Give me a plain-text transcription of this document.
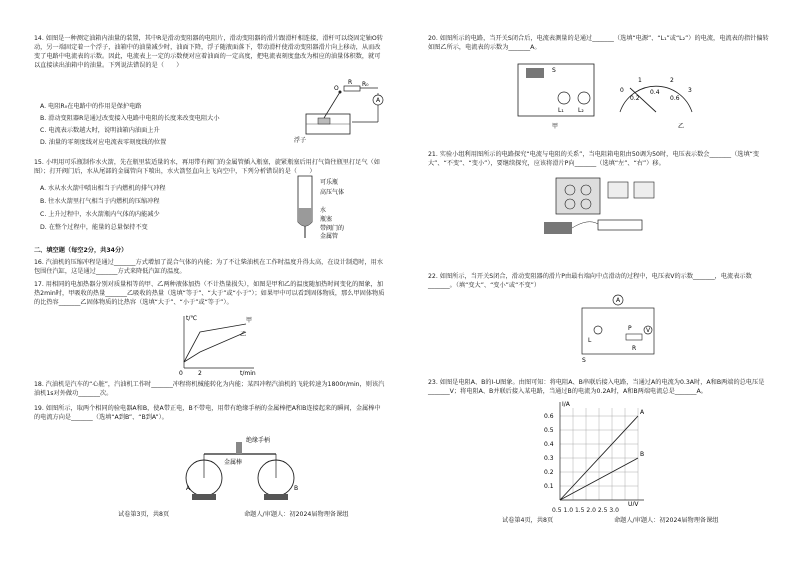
14. 如图是一种测定油箱内油量的装置，其中R是滑动变阻器的电阻片，滑动变阻器的滑片跟滑杆相连接，滑杆可以绕固定轴O转动，另一端固定着一个浮子，油箱中的油量减少时，油面下降，浮子随液面落下，带动滑杆使滑动变阻器滑片向上移动，从而改变了电路中电流表的示数。因此，电流表上一定的示数便对应着油面的一定高度，把电流表刻度盘改为相应的油量体积数，就可以直接读出油箱中的油量。下列说法错误的是（　　）

A. 电阻R₀在电路中的作用是保护电路

B. 滑动变阻器R是通过改变接入电路中电阻的长度来改变电阻大小

C. 电流表示数越大时，说明油箱内油面上升

D. 油量的零刻度线对应电流表零刻度线的位置	浮子
O
R R₀
A

15. 小明用可乐瓶制作水火箭，先在瓶里装适量的水，再用带有阀门的金属管插入瓶塞，旋紧瓶塞后用打气筒往瓶里打足气（如图）；打开阀门后，水从尾部的金属管向下喷出，水火箭竖直向上飞向空中，下列分析错误的是（　　）

A. 水从水火箭中喷出相当于内燃机的排气冲程

B. 往水火箭里打气相当于内燃机的压缩冲程

C. 上升过程中，水火箭瓶内气体的内能减少

D. 在整个过程中，能量的总量保持不变

可乐瓶
高压气体
水
瓶塞
带阀门的
金属管

二、填空题（每空2分，共34分）

16. 汽油机的压缩冲程是通过_______方式增加了混合气体的内能；为了不让柴油机在工作时温度升得太高，在设计制造时，用水包围住汽缸，这是通过_______方式来降低汽缸的温度。

17. 用相同的电加热器分别对质量相等的甲、乙两种液体加热（不计热量损失），如图是甲和乙的温度随加热时间变化的图象，加热2min时，甲吸收的热量_______乙吸收的热量（选填“等于”、“大于”或“小于”）；如果甲中可以看到固体物质，那么甲固体物质的比热容_______乙固体物质的比热容（选填“大于”、“小于”或“等于”）。

t/℃
t/min
0	2
甲
乙

18. 汽油机是汽车的“心脏”，汽油机工作时_______冲程将机械能转化为内能；某四冲程汽油机的飞轮转速为1800r/min，则该汽油机1s对外做功_______次。

19. 如图所示，取两个相同的验电器A和B，使A带正电，B不带电，用带有绝缘手柄的金属棒把A和B连接起来的瞬间，金属棒中的电流方向是_______（选填“A到B”、“B到A”）。

绝缘手柄
金属棒
A	B
试卷第3页，共8页	命题人/审题人：初2024届物理备课组

20. 如图所示的电路，当开关S闭合后，电流表测量的是通过_______（选填“电源”、“L₁”或“L₂”）的电流，电流表的指针偏转如图乙所示，电流表的示数为_______A。

S
L₁ L₂
甲
0
1	2
3
0.2
0.4
0.6
乙

21. 实验小组利用图所示的电路探究“电流与电阻的关系”，当电阻箱电阻由50调为50时，电压表示数会_______（选填“变大”、“不变”、“变小”），要继续探究，应该将滑片P向_______（选填“左”、“右”）移。

22. 如图所示，当开关S闭合，滑动变阻器的滑片P由最右端向中点滑动的过程中，电压表V的示数_______，电流表示数_______。（填“变大”、“变小”或“不变”）

A
V
L
P
S
R

23. 如图是电阻A、B的I-U图象。由图可知：将电阻A、B串联后接入电路，当通过A的电流为0.3A时，A和B两端的总电压是_______V；将电阻A、B并联后接入某电路，当通过B的电流为0.2A时，A和B两端电流总是_______A。

I/A
U/V
A
B
0.1
0.2
0.3
0.4
0.5
0.6
0.5 1.0 1.5 2.0 2.5 3.0
试卷第4页，共8页	命题人/审题人：初2024届物理备课组
